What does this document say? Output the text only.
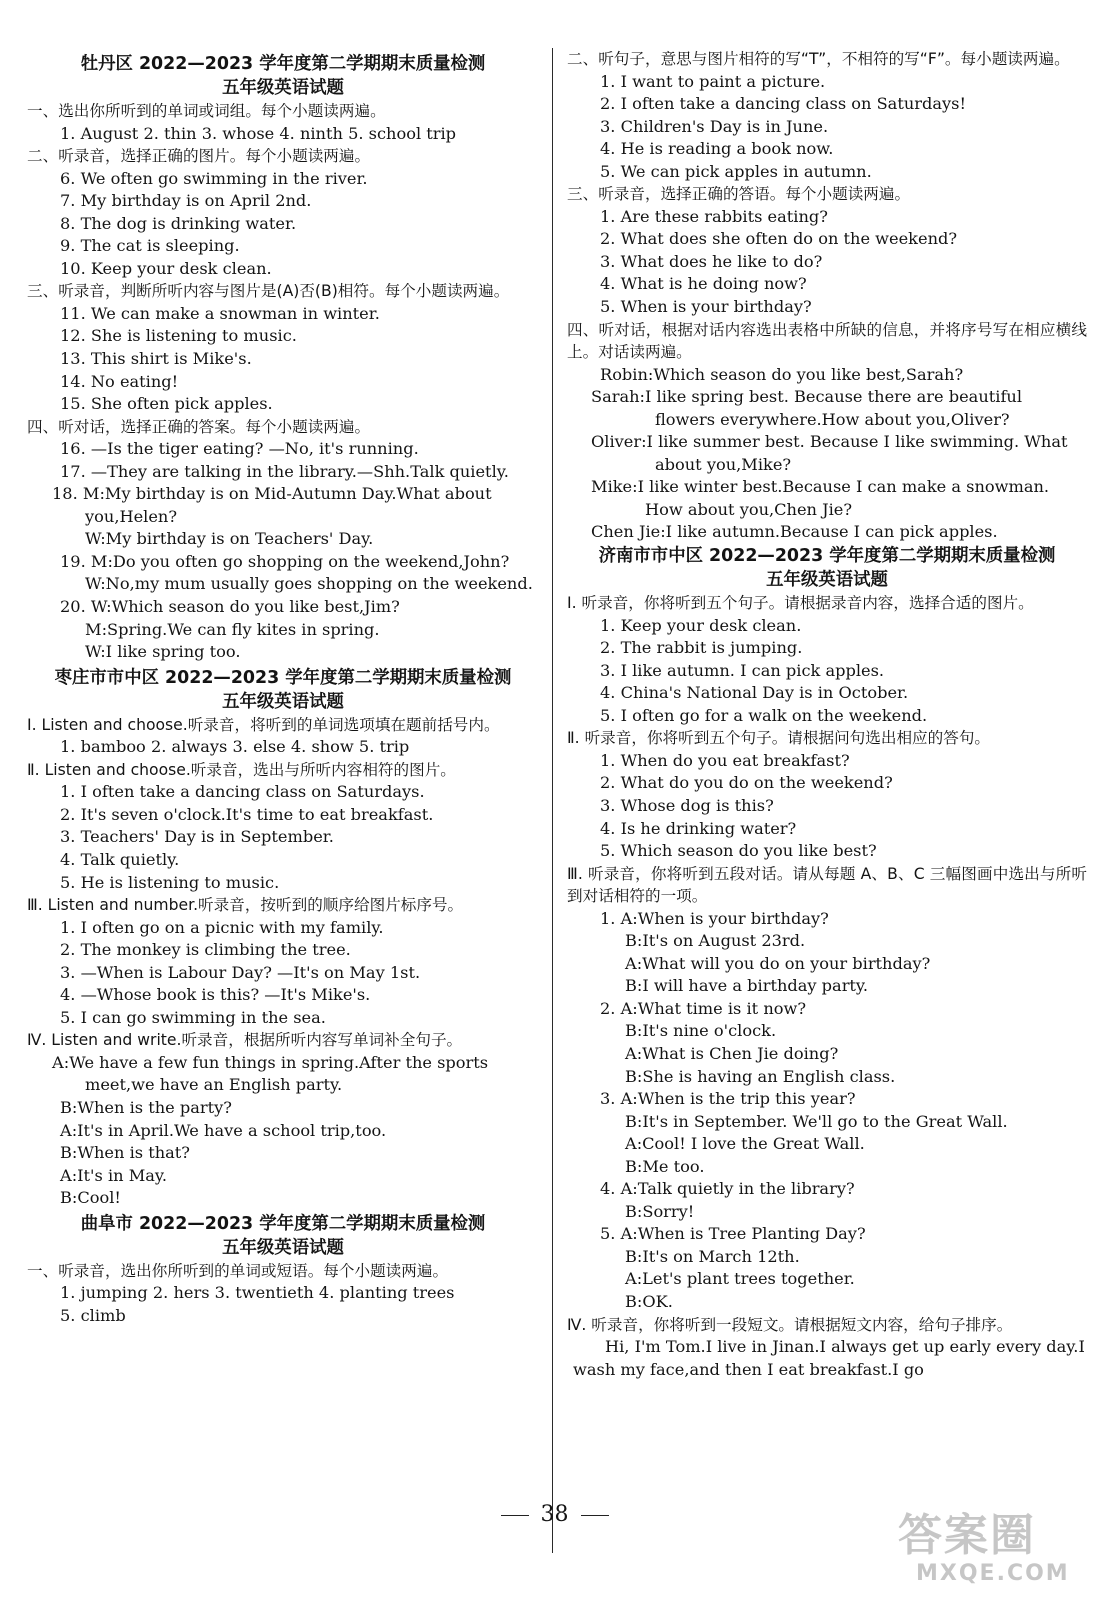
牡丹区 2022—2023 学年度第二学期期末质量检测
五年级英语试题
一、选出你所听到的单词或词组。每个小题读两遍。
1. August 2. thin 3. whose 4. ninth 5. school trip
二、听录音，选择正确的图片。每个小题读两遍。
6. We often go swimming in the river.
7. My birthday is on April 2nd.
8. The dog is drinking water.
9. The cat is sleeping.
10. Keep your desk clean.
三、听录音，判断所听内容与图片是(A)否(B)相符。每个小题读两遍。
11. We can make a snowman in winter.
12. She is listening to music.
13. This shirt is Mike's.
14. No eating!
15. She often pick apples.
四、听对话，选择正确的答案。每个小题读两遍。
16. —Is the tiger eating? —No, it's running.
17. —They are talking in the library.—Shh.Talk quietly.
18. M:My birthday is on Mid-Autumn Day.What about you,Helen?
W:My birthday is on Teachers' Day.
19. M:Do you often go shopping on the weekend,John?
W:No,my mum usually goes shopping on the weekend.
20. W:Which season do you like best,Jim?
M:Spring.We can fly kites in spring.
W:I like spring too.
枣庄市市中区 2022—2023 学年度第二学期期末质量检测
五年级英语试题
Ⅰ. Listen and choose.听录音，将听到的单词选项填在题前括号内。
1. bamboo 2. always 3. else 4. show 5. trip
Ⅱ. Listen and choose.听录音，选出与所听内容相符的图片。
1. I often take a dancing class on Saturdays.
2. It's seven o'clock.It's time to eat breakfast.
3. Teachers' Day is in September.
4. Talk quietly.
5. He is listening to music.
Ⅲ. Listen and number.听录音，按听到的顺序给图片标序号。
1. I often go on a picnic with my family.
2. The monkey is climbing the tree.
3. —When is Labour Day? —It's on May 1st.
4. —Whose book is this? —It's Mike's.
5. I can go swimming in the sea.
Ⅳ. Listen and write.听录音，根据所听内容写单词补全句子。
A:We have a few fun things in spring.After the sports meet,we have an English party.
B:When is the party?
A:It's in April.We have a school trip,too.
B:When is that?
A:It's in May.
B:Cool!
曲阜市 2022—2023 学年度第二学期期末质量检测
五年级英语试题
一、听录音，选出你所听到的单词或短语。每个小题读两遍。
1. jumping 2. hers 3. twentieth 4. planting trees
5. climb
二、听句子，意思与图片相符的写“T”，不相符的写“F”。每小题读两遍。
1. I want to paint a picture.
2. I often take a dancing class on Saturdays!
3. Children's Day is in June.
4. He is reading a book now.
5. We can pick apples in autumn.
三、听录音，选择正确的答语。每个小题读两遍。
1. Are these rabbits eating?
2. What does she often do on the weekend?
3. What does he like to do?
4. What is he doing now?
5. When is your birthday?
四、听对话，根据对话内容选出表格中所缺的信息，并将序号写在相应横线上。对话读两遍。
Robin:Which season do you like best,Sarah?
Sarah:I like spring best. Because there are beautiful flowers everywhere.How about you,Oliver?
Oliver:I like summer best. Because I like swimming. What about you,Mike?
Mike:I like winter best.Because I can make a snowman. How about you,Chen Jie?
Chen Jie:I like autumn.Because I can pick apples.
济南市市中区 2022—2023 学年度第二学期期末质量检测
五年级英语试题
Ⅰ. 听录音，你将听到五个句子。请根据录音内容，选择合适的图片。
1. Keep your desk clean.
2. The rabbit is jumping.
3. I like autumn. I can pick apples.
4. China's National Day is in October.
5. I often go for a walk on the weekend.
Ⅱ. 听录音，你将听到五个句子。请根据问句选出相应的答句。
1. When do you eat breakfast?
2. What do you do on the weekend?
3. Whose dog is this?
4. Is he drinking water?
5. Which season do you like best?
Ⅲ. 听录音，你将听到五段对话。请从每题 A、B、C 三幅图画中选出与所听到对话相符的一项。
1. A:When is your birthday?
B:It's on August 23rd.
A:What will you do on your birthday?
B:I will have a birthday party.
2. A:What time is it now?
B:It's nine o'clock.
A:What is Chen Jie doing?
B:She is having an English class.
3. A:When is the trip this year?
B:It's in September. We'll go to the Great Wall.
A:Cool! I love the Great Wall.
B:Me too.
4. A:Talk quietly in the library?
B:Sorry!
5. A:When is Tree Planting Day?
B:It's on March 12th.
A:Let's plant trees together.
B:OK.
Ⅳ. 听录音，你将听到一段短文。请根据短文内容，给句子排序。
Hi, I'm Tom.I live in Jinan.I always get up early every day.I wash my face,and then I eat breakfast.I go
38	答案圈
MXQE.COM
